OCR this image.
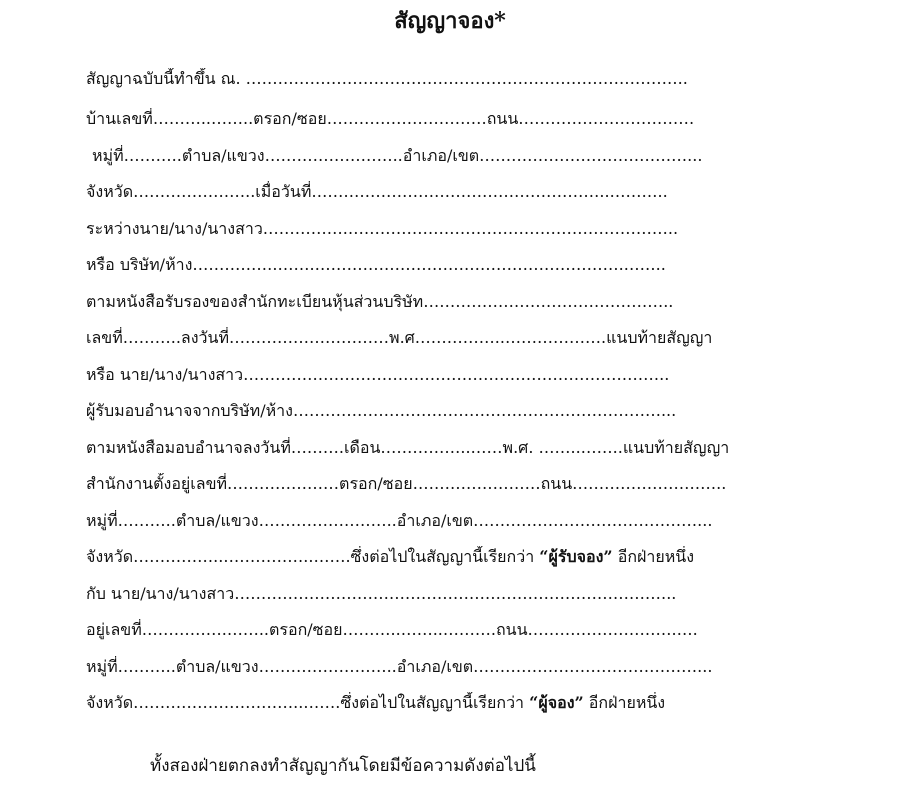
สัญญาจอง*
สัญญาฉบับนี้ทำขึ้น ณ. ………………………………………………………………………..
บ้านเลขที่………..……..ตรอก/ซอย…………………………ถนน……………………………
หมู่ที่………..ตำบล/แขวง……………………..อำเภอ/เขต…………………………………...
จังหวัด…………………..เมื่อวันที่………………………………………………..………..
ระหว่างนาย/นาง/นางสาว…………….……………………………………………………..
หรือ บริษัท/ห้าง…………….…….………………………………………………….……..
ตามหนังสือรับรองของสำนักทะเบียนหุ้นส่วนบริษัท………………………………………..
เลขที่………..ลงวันที่…………………………พ.ศ……………..……………….แนบท้ายสัญญา
หรือ นาย/นาง/นางสาว……………………………………………………………………..
ผู้รับมอบอำนาจจากบริษัท/ห้าง……………………………………………………………...
ตามหนังสือมอบอำนาจลงวันที่……….เดือน……………..……พ.ศ. ……..……..แนบท้ายสัญญา
สำนักงานตั้งอยู่เลขที่…………………ตรอก/ซอย……………………ถนน………………………..
หมู่ที่………..ตำบล/แขวง……………………..อำเภอ/เขต……………………………………...
จังหวัด……………..……………..…….ซึ่งต่อไปในสัญญานี้เรียกว่า “ผู้รับจอง” อีกฝ่ายหนึ่ง
กับ นาย/นาง/นางสาว………………………………………………………………………..
อยู่เลขที่…………….……..ตรอก/ซอย………..……..……….ถนน……………………….….
หมู่ที่………..ตำบล/แขวง……………………..อำเภอ/เขต……………………………………...
จังหวัด…………………………..…….ซึ่งต่อไปในสัญญานี้เรียกว่า “ผู้จอง” อีกฝ่ายหนึ่ง
ทั้งสองฝ่ายตกลงทำสัญญากันโดยมีข้อความดังต่อไปนี้
